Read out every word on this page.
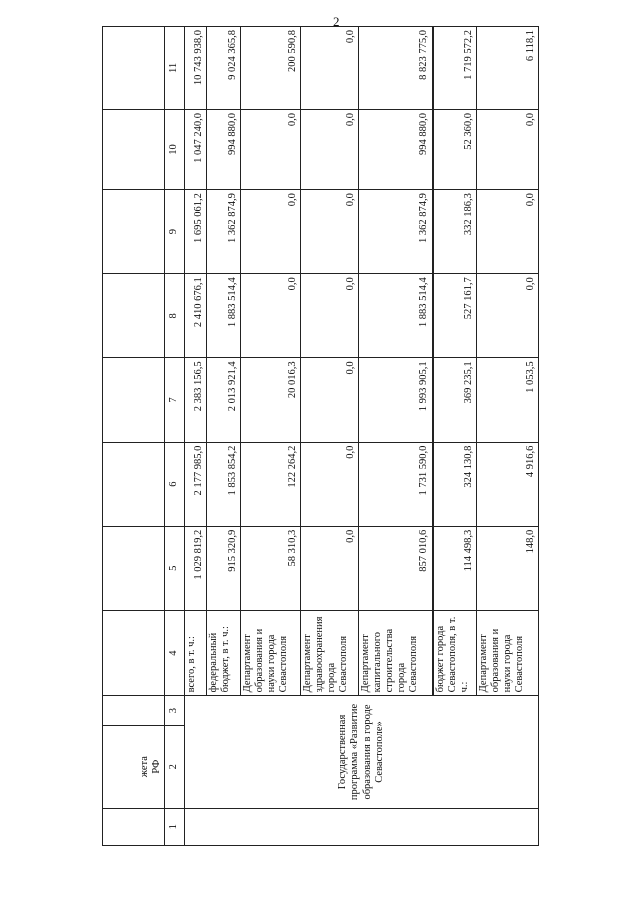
2
	жета
РФ									
1	2	3	4	5	6	7	8	9	10	11
	Государственная программа «Развитие образования в городе Севастополе»		всего, в т. ч.:	1 029 819,2	2 177 985,0	2 383 156,5	2 410 676,1	1 695 061,2	1 047 240,0	10 743 938,0
			федеральный бюджет, в т. ч.:	915 320,9	1 853 854,2	2 013 921,4	1 883 514,4	1 362 874,9	994 880,0	9 024 365,8
			Департамент образования и науки города Севастополя	58 310,3	122 264,2	20 016,3	0,0	0,0	0,0	200 590,8
			Департамент здравоохранения города Севастополя	0,0	0,0	0,0	0,0	0,0	0,0	0,0
			Департамент капитального строительства города Севастополя	857 010,6	1 731 590,0	1 993 905,1	1 883 514,4	1 362 874,9	994 880,0	8 823 775,0
			бюджет города Севастополя, в т. ч.:	114 498,3	324 130,8	369 235,1	527 161,7	332 186,3	52 360,0	1 719 572,2
			Департамент образования и науки города Севастополя	148,0	4 916,6	1 053,5	0,0	0,0	0,0	6 118,1
